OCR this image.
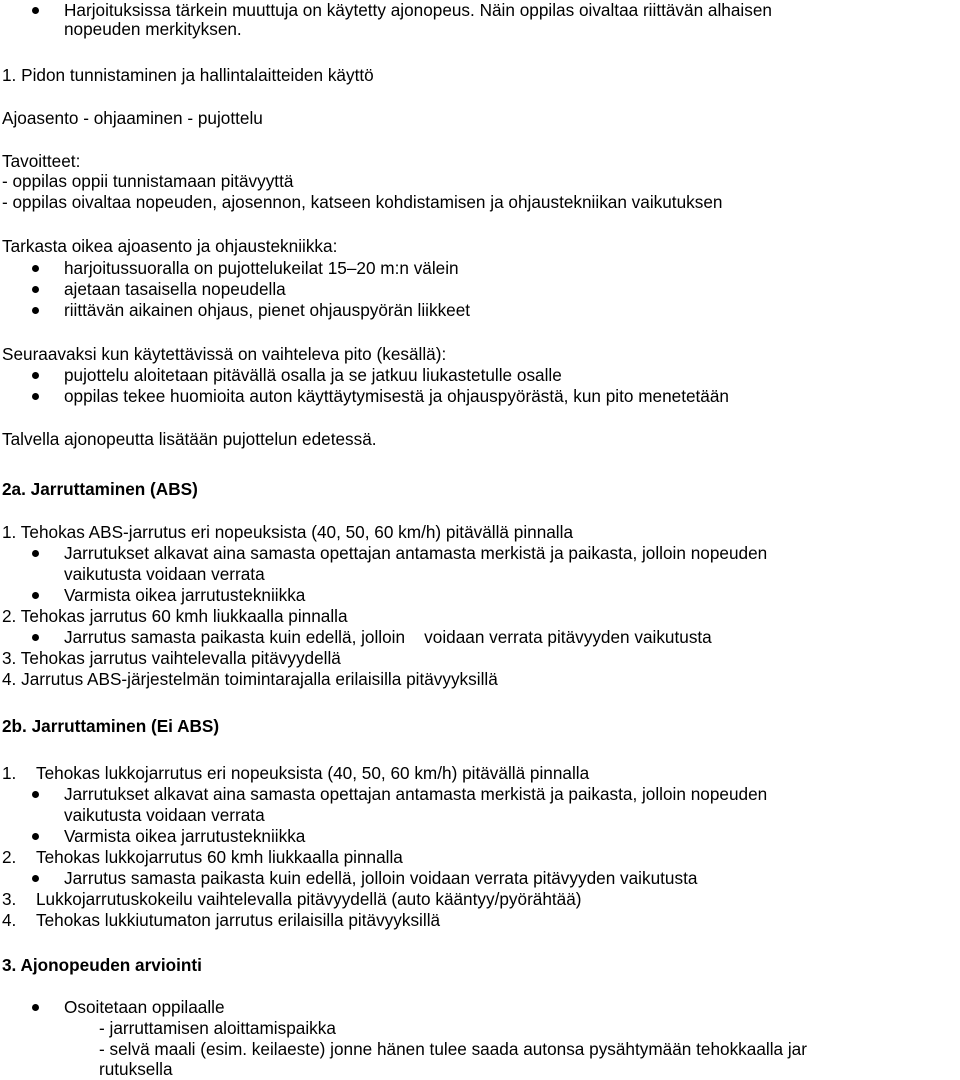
Harjoituksissa tärkein muuttuja on käytetty ajonopeus. Näin oppilas oivaltaa riittävän alhaisen
nopeuden merkityksen.
1. Pidon tunnistaminen ja hallintalaitteiden käyttö
Ajoasento - ohjaaminen - pujottelu
Tavoitteet:
- oppilas oppii tunnistamaan pitävyyttä
- oppilas oivaltaa nopeuden, ajosennon, katseen kohdistamisen ja ohjaustekniikan vaikutuksen
Tarkasta oikea ajoasento ja ohjaustekniikka:
harjoitussuoralla on pujottelukeilat 15–20 m:n välein
ajetaan tasaisella nopeudella
riittävän aikainen ohjaus, pienet ohjauspyörän liikkeet
Seuraavaksi kun käytettävissä on vaihteleva pito (kesällä):
pujottelu aloitetaan pitävällä osalla ja se jatkuu liukastetulle osalle
oppilas tekee huomioita auton käyttäytymisestä ja ohjauspyörästä, kun pito menetetään
Talvella ajonopeutta lisätään pujottelun edetessä.
2a. Jarruttaminen (ABS)
1. Tehokas ABS-jarrutus eri nopeuksista (40, 50, 60 km/h) pitävällä pinnalla
Jarrutukset alkavat aina samasta opettajan antamasta merkistä ja paikasta, jolloin nopeuden
vaikutusta voidaan verrata
Varmista oikea jarrutustekniikka
2. Tehokas jarrutus 60 kmh liukkaalla pinnalla
Jarrutus samasta paikasta kuin edellä, jolloin    voidaan verrata pitävyyden vaikutusta
3. Tehokas jarrutus vaihtelevalla pitävyydellä
4. Jarrutus ABS-järjestelmän toimintarajalla erilaisilla pitävyyksillä
2b. Jarruttaminen (Ei ABS)
1. Tehokas lukkojarrutus eri nopeuksista (40, 50, 60 km/h) pitävällä pinnalla
Jarrutukset alkavat aina samasta opettajan antamasta merkistä ja paikasta, jolloin nopeuden
vaikutusta voidaan verrata
Varmista oikea jarrutustekniikka
2. Tehokas lukkojarrutus 60 kmh liukkaalla pinnalla
Jarrutus samasta paikasta kuin edellä, jolloin voidaan verrata pitävyyden vaikutusta
3. Lukkojarrutuskokeilu vaihtelevalla pitävyydellä (auto kääntyy/pyörähtää)
4. Tehokas lukkiutumaton jarrutus erilaisilla pitävyyksillä
3. Ajonopeuden arviointi
Osoitetaan oppilaalle
- jarruttamisen aloittamispaikka
- selvä maali (esim. keilaeste) jonne hänen tulee saada autonsa pysähtymään tehokkaalla jar
rutuksella
